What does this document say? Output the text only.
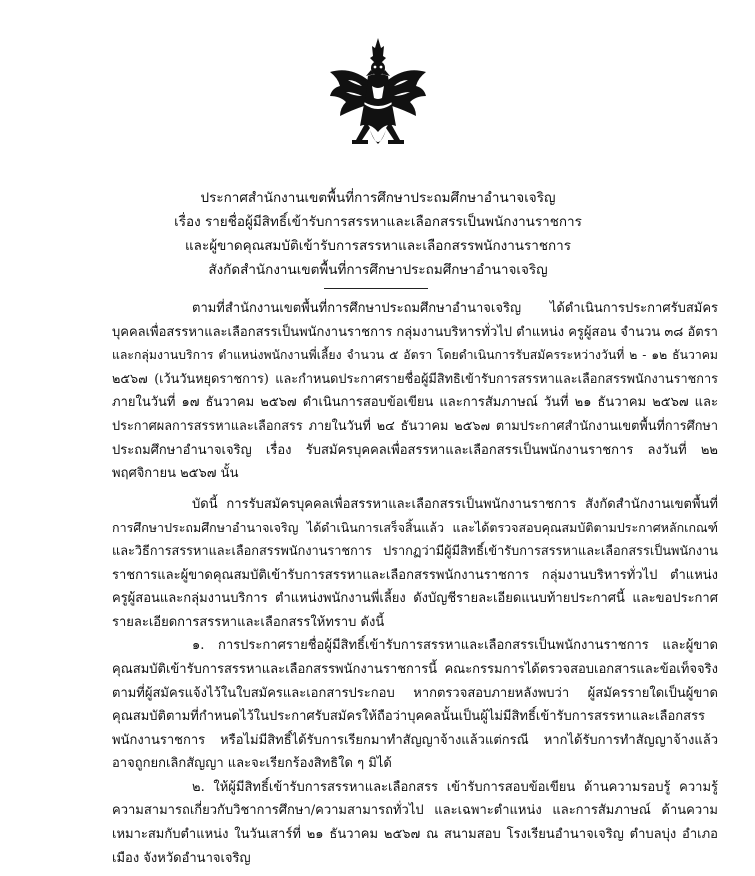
ประกาศสำนักงานเขตพื้นที่การศึกษาประถมศึกษาอำนาจเจริญ
เรื่อง รายชื่อผู้มีสิทธิ์เข้ารับการสรรหาและเลือกสรรเป็นพนักงานราชการ
และผู้ขาดคุณสมบัติเข้ารับการสรรหาและเลือกสรรพนักงานราชการ
สังกัดสำนักงานเขตพื้นที่การศึกษาประถมศึกษาอำนาจเจริญ
ตามที่สำนักงานเขตพื้นที่การศึกษาประถมศึกษาอำนาจเจริญ ได้ดำเนินการประกาศรับสมัคร
บุคคลเพื่อสรรหาและเลือกสรรเป็นพนักงานราชการ กลุ่มงานบริหารทั่วไป ตำแหน่ง ครูผู้สอน จำนวน ๓๘ อัตรา
และกลุ่มงานบริการ ตำแหน่งพนักงานพี่เลี้ยง จำนวน ๕ อัตรา โดยดำเนินการรับสมัครระหว่างวันที่ ๒ - ๑๒ ธันวาคม
๒๕๖๗ (เว้นวันหยุดราชการ) และกำหนดประกาศรายชื่อผู้มีสิทธิเข้ารับการสรรหาและเลือกสรรพนักงานราชการ
ภายในวันที่ ๑๗ ธันวาคม ๒๕๖๗ ดำเนินการสอบข้อเขียน และการสัมภาษณ์ วันที่ ๒๑ ธันวาคม ๒๕๖๗ และ
ประกาศผลการสรรหาและเลือกสรร ภายในวันที่ ๒๔ ธันวาคม ๒๕๖๗ ตามประกาศสำนักงานเขตพื้นที่การศึกษา
ประถมศึกษาอำนาจเจริญ เรื่อง รับสมัครบุคคลเพื่อสรรหาและเลือกสรรเป็นพนักงานราชการ ลงวันที่ ๒๒
พฤศจิกายน ๒๕๖๗ นั้น
บัดนี้ การรับสมัครบุคคลเพื่อสรรหาและเลือกสรรเป็นพนักงานราชการ สังกัดสำนักงานเขตพื้นที่
การศึกษาประถมศึกษาอำนาจเจริญ ได้ดำเนินการเสร็จสิ้นแล้ว และได้ตรวจสอบคุณสมบัติตามประกาศหลักเกณฑ์
และวิธีการสรรหาและเลือกสรรพนักงานราชการ ปรากฏว่ามีผู้มีสิทธิ์เข้ารับการสรรหาและเลือกสรรเป็นพนักงาน
ราชการและผู้ขาดคุณสมบัติเข้ารับการสรรหาและเลือกสรรพนักงานราชการ กลุ่มงานบริหารทั่วไป ตำแหน่ง
ครูผู้สอนและกลุ่มงานบริการ ตำแหน่งพนักงานพี่เลี้ยง ดังบัญชีรายละเอียดแนบท้ายประกาศนี้ และขอประกาศ
รายละเอียดการสรรหาและเลือกสรรให้ทราบ ดังนี้
๑. การประกาศรายชื่อผู้มีสิทธิ์เข้ารับการสรรหาและเลือกสรรเป็นพนักงานราชการ และผู้ขาด
คุณสมบัติเข้ารับการสรรหาและเลือกสรรพนักงานราชการนี้ คณะกรรมการได้ตรวจสอบเอกสารและข้อเท็จจริง
ตามที่ผู้สมัครแจ้งไว้ในใบสมัครและเอกสารประกอบ หากตรวจสอบภายหลังพบว่า ผู้สมัครรายใดเป็นผู้ขาด
คุณสมบัติตามที่กำหนดไว้ในประกาศรับสมัครให้ถือว่าบุคคลนั้นเป็นผู้ไม่มีสิทธิ์เข้ารับการสรรหาและเลือกสรร
พนักงานราชการ หรือไม่มีสิทธิ์ได้รับการเรียกมาทำสัญญาจ้างแล้วแต่กรณี หากได้รับการทำสัญญาจ้างแล้ว
อาจถูกยกเลิกสัญญา และจะเรียกร้องสิทธิใด ๆ มิได้
๒. ให้ผู้มีสิทธิ์เข้ารับการสรรหาและเลือกสรร เข้ารับการสอบข้อเขียน ด้านความรอบรู้ ความรู้
ความสามารถเกี่ยวกับวิชาการศึกษา/ความสามารถทั่วไป และเฉพาะตำแหน่ง และการสัมภาษณ์ ด้านความ
เหมาะสมกับตำแหน่ง ในวันเสาร์ที่ ๒๑ ธันวาคม ๒๕๖๗ ณ สนามสอบ โรงเรียนอำนาจเจริญ ตำบลบุ่ง อำเภอ
เมือง จังหวัดอำนาจเจริญ
